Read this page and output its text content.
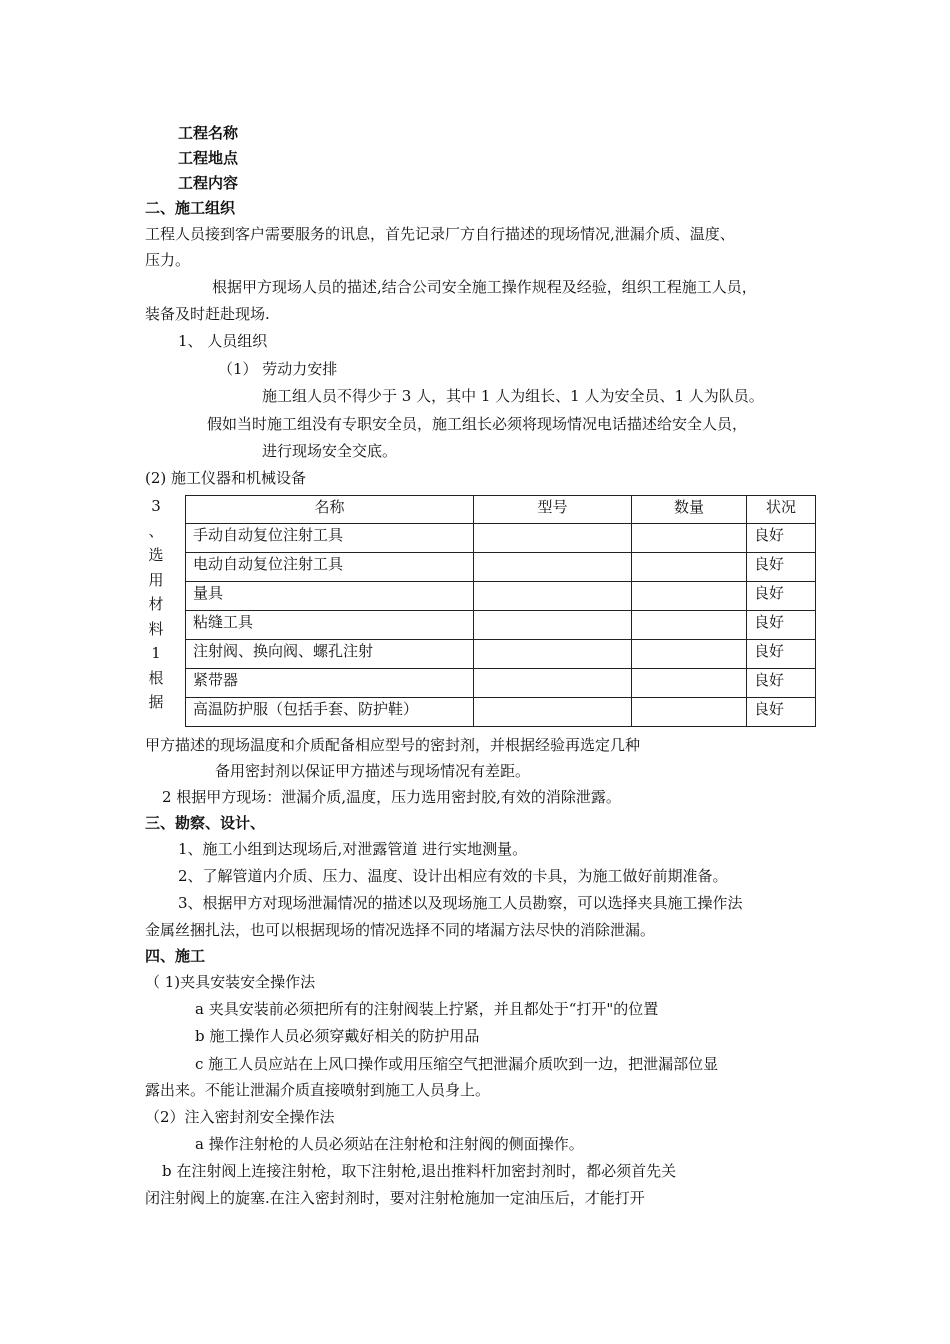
工程名称
工程地点
工程内容
二、施工组织
工程人员接到客户需要服务的讯息，首先记录厂方自行描述的现场情况,泄漏介质、温度、
压力。
根据甲方现场人员的描述,结合公司安全施工操作规程及经验，组织工程施工人员，
装备及时赶赴现场.
1、 人员组织
（1） 劳动力安排
施工组人员不得少于 3 人，其中 1 人为组长、1 人为安全员、1 人为队员。
假如当时施工组没有专职安全员，施工组长必须将现场情况电话描述给安全人员，
进行现场安全交底。
(2) 施工仪器和机械设备
3
、
选
用
材
料
1
根
据
名称	型号	数量	状况
手动自动复位注射工具			良好
电动自动复位注射工具			良好
量具			良好
粘缝工具			良好
注射阀、换向阀、螺孔注射			良好
紧带器			良好
高温防护服（包括手套、防护鞋）			良好
甲方描述的现场温度和介质配备相应型号的密封剂，并根据经验再选定几种
备用密封剂以保证甲方描述与现场情况有差距。
2 根据甲方现场：泄漏介质,温度，压力选用密封胶,有效的消除泄露。
三、勘察、设计、
1、施工小组到达现场后,对泄露管道 进行实地测量。
2、了解管道内介质、压力、温度、设计出相应有效的卡具，为施工做好前期准备。
3、根据甲方对现场泄漏情况的描述以及现场施工人员勘察，可以选择夹具施工操作法
金属丝捆扎法，也可以根据现场的情况选择不同的堵漏方法尽快的消除泄漏。
四、施工
（ 1)夹具安装安全操作法
a 夹具安装前必须把所有的注射阀装上拧紧，并且都处于“打开"的位置
b 施工操作人员必须穿戴好相关的防护用品
c 施工人员应站在上风口操作或用压缩空气把泄漏介质吹到一边，把泄漏部位显
露出来。不能让泄漏介质直接喷射到施工人员身上。
（2）注入密封剂安全操作法
a 操作注射枪的人员必须站在注射枪和注射阀的侧面操作。
b 在注射阀上连接注射枪，取下注射枪,退出推料杆加密封剂时，都必须首先关
闭注射阀上的旋塞.在注入密封剂时，要对注射枪施加一定油压后，才能打开
